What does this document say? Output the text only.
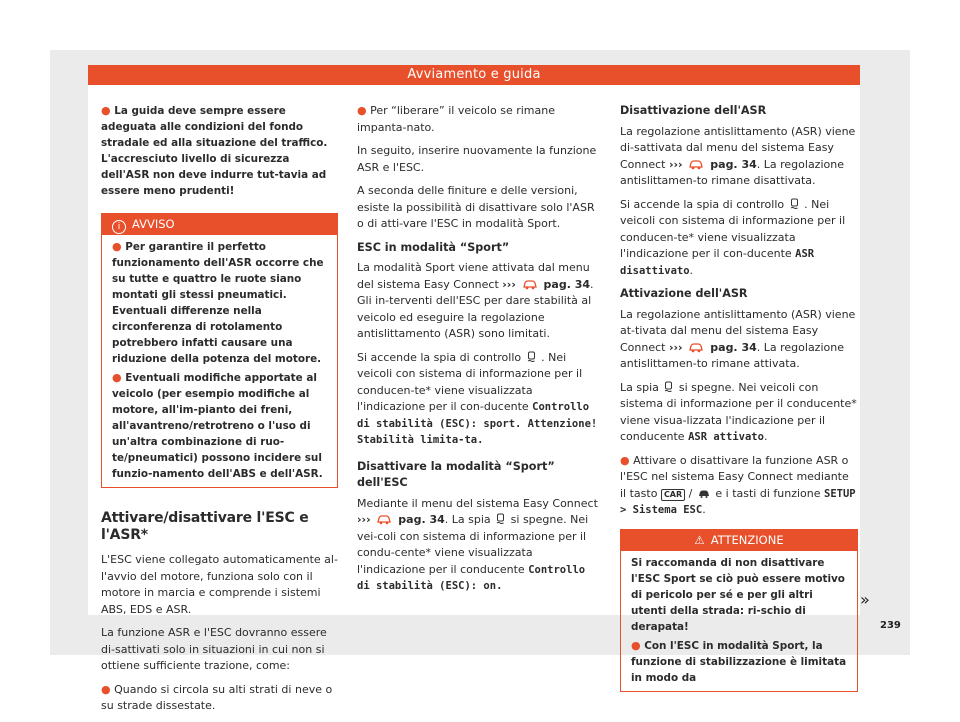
Avviamento e guida

● La guida deve sempre essere adeguata alle condizioni del fondo stradale ed alla situazione del traffico. L'accresciuto livello di sicurezza dell'ASR non deve indurre tut-tavia ad essere meno prudenti!

i AVVISO

● Per garantire il perfetto funzionamento dell'ASR occorre che su tutte e quattro le ruote siano montati gli stessi pneumatici. Eventuali differenze nella circonferenza di rotolamento potrebbero infatti causare una riduzione della potenza del motore.

● Eventuali modifiche apportate al veicolo (per esempio modifiche al motore, all'im-pianto dei freni, all'avantreno/retrotreno o l'uso di un'altra combinazione di ruo-te/pneumatici) possono incidere sul funzio-namento dell'ABS e dell'ASR.

Attivare/disattivare l'ESC e l'ASR*

L'ESC viene collegato automaticamente al-l'avvio del motore, funziona solo con il motore in marcia e comprende i sistemi ABS, EDS e ASR.

La funzione ASR e l'ESC dovranno essere di-sattivati solo in situazioni in cui non si ottiene sufficiente trazione, come:

● Quando si circola su alti strati di neve o su strade dissestate.

● Per “liberare” il veicolo se rimane impanta-nato.

In seguito, inserire nuovamente la funzione ASR e l'ESC.

A seconda delle finiture e delle versioni, esiste la possibilità di disattivare solo l'ASR o di atti-vare l'ESC in modalità Sport.

ESC in modalità “Sport”

La modalità Sport viene attivata dal menu del sistema Easy Connect ›››  pag. 34. Gli in-terventi dell'ESC per dare stabilità al veicolo ed eseguire la regolazione antislittamento (ASR) sono limitati.

Si accende la spia di controllo . Nei veicoli con sistema di informazione per il conducen-te* viene visualizzata l'indicazione per il con-ducente Controllo di stabilità (ESC): sport. Attenzione! Stabilità limita-ta.

Disattivare la modalità “Sport” dell'ESC

Mediante il menu del sistema Easy Connect ›››  pag. 34. La spia si spegne. Nei vei-coli con sistema di informazione per il condu-cente* viene visualizzata l'indicazione per il conducente Controllo di stabilità (ESC): on.

Disattivazione dell'ASR

La regolazione antislittamento (ASR) viene di-sattivata dal menu del sistema Easy Connect ›››  pag. 34. La regolazione antislittamen-to rimane disattivata.

Si accende la spia di controllo . Nei veicoli con sistema di informazione per il conducen-te* viene visualizzata l'indicazione per il con-ducente ASR disattivato.

Attivazione dell'ASR

La regolazione antislittamento (ASR) viene at-tivata dal menu del sistema Easy Connect ›››  pag. 34. La regolazione antislittamen-to rimane attivata.

La spia si spegne. Nei veicoli con sistema di informazione per il conducente* viene visua-lizzata l'indicazione per il conducente ASR attivato.

● Attivare o disattivare la funzione ASR o l'ESC nel sistema Easy Connect mediante il tasto CAR / e i tasti di funzione SETUP > Sistema ESC.

⚠ ATTENZIONE

Si raccomanda di non disattivare l'ESC Sport se ciò può essere motivo di pericolo per sé e per gli altri utenti della strada: ri-schio di derapata!

● Con l'ESC in modalità Sport, la funzione di stabilizzazione è limitata in modo da

»
239
